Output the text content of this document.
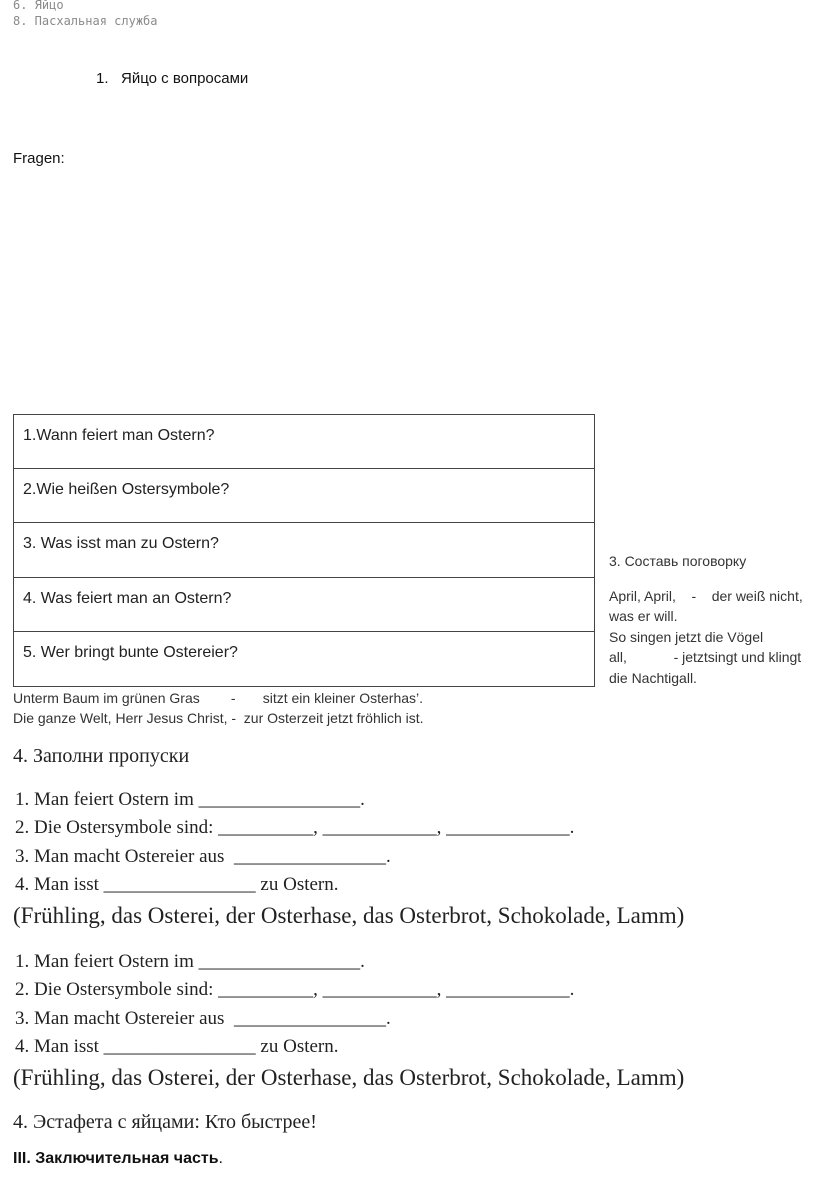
6. Яйцо
8. Пасхальная служба
1.   Яйцо с вопросами
Fragen:
1.Wann feiert man Ostern?
2.Wie heißen Ostersymbole?
3. Was isst man zu Ostern?
4. Was feiert man an Ostern?
5. Wer bringt bunte Ostereier?
3. Составь поговорку
April, April,    -    der weiß nicht,
was er will.
So singen jetzt die Vögel
all,            - jetztsingt und klingt
die Nachtigall.
Unterm Baum im grünen Gras        -       sitzt ein kleiner Osterhas’.
Die ganze Welt, Herr Jesus Christ, -  zur Osterzeit jetzt fröhlich ist.
4. Заполни пропуски
1. Man feiert Ostern im _________________.
2. Die Ostersymbole sind: __________, ____________, _____________.
3. Man macht Ostereier aus  ________________.
4. Man isst ________________ zu Ostern.
(Frühling, das Osterei, der Osterhase, das Osterbrot, Schokolade, Lamm)
1. Man feiert Ostern im _________________.
2. Die Ostersymbole sind: __________, ____________, _____________.
3. Man macht Ostereier aus  ________________.
4. Man isst ________________ zu Ostern.
(Frühling, das Osterei, der Osterhase, das Osterbrot, Schokolade, Lamm)
4. Эстафета с яйцами: Кто быстрее!
III. Заключительная часть.
